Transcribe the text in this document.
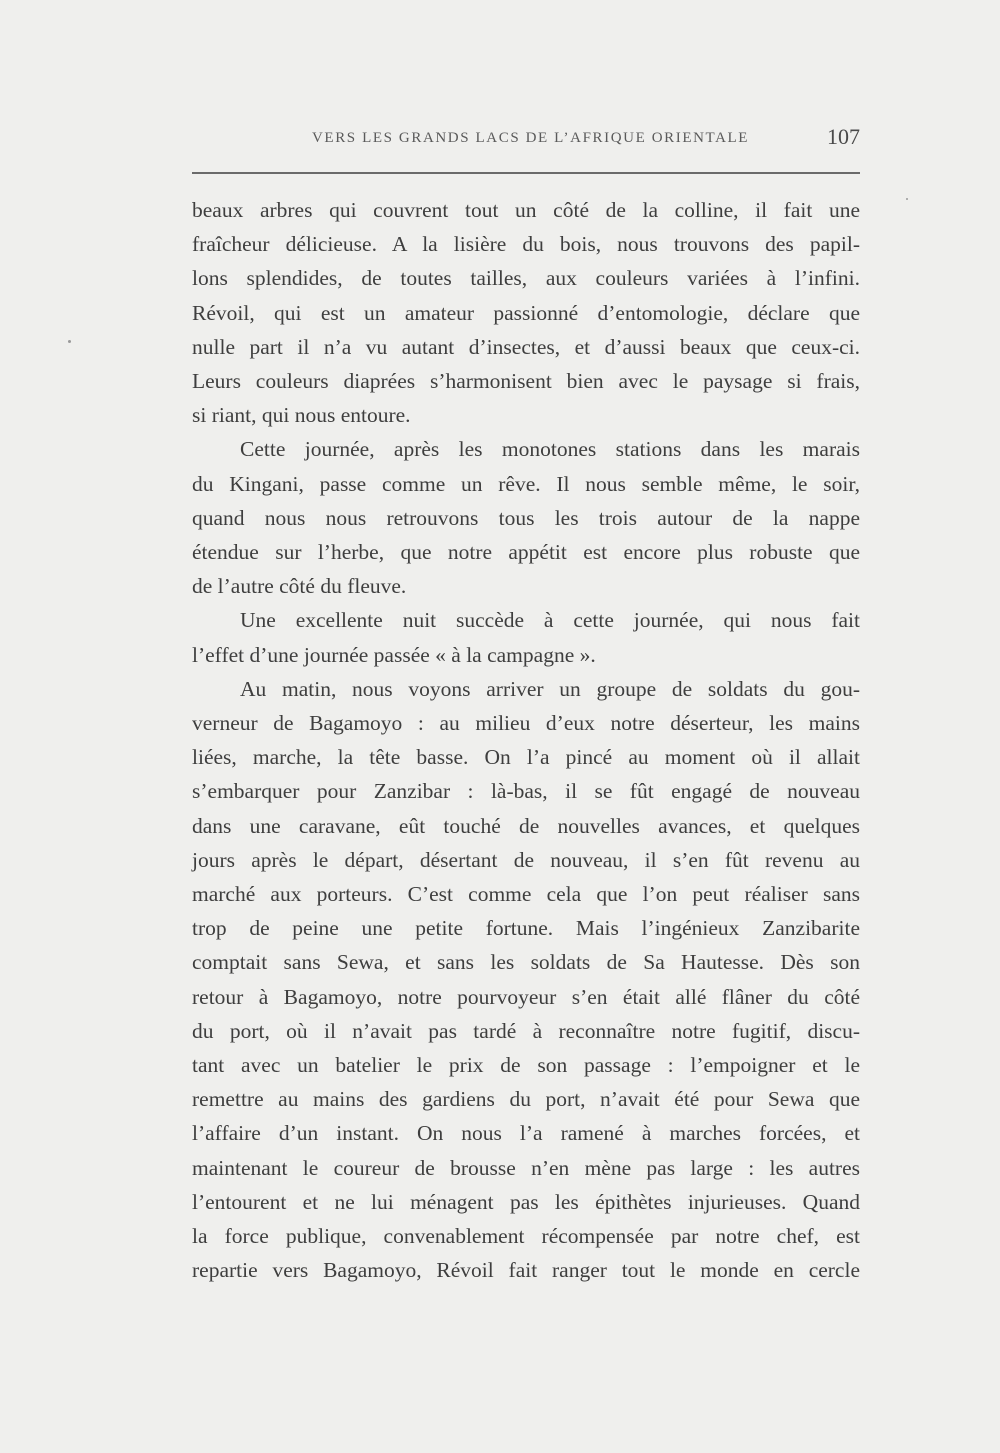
VERS LES GRANDS LACS DE L’AFRIQUE ORIENTALE	107

beaux arbres qui couvrent tout un côté de la colline, il fait une
fraîcheur délicieuse. A la lisière du bois, nous trouvons des papil-
lons splendides, de toutes tailles, aux couleurs variées à l’infini.
Révoil, qui est un amateur passionné d’entomologie, déclare que
nulle part il n’a vu autant d’insectes, et d’aussi beaux que ceux-ci.
Leurs couleurs diaprées s’harmonisent bien avec le paysage si frais,
si riant, qui nous entoure.

Cette journée, après les monotones stations dans les marais
du Kingani, passe comme un rêve. Il nous semble même, le soir,
quand nous nous retrouvons tous les trois autour de la nappe
étendue sur l’herbe, que notre appétit est encore plus robuste que
de l’autre côté du fleuve.

Une excellente nuit succède à cette journée, qui nous fait
l’effet d’une journée passée « à la campagne ».

Au matin, nous voyons arriver un groupe de soldats du gou-
verneur de Bagamoyo : au milieu d’eux notre déserteur, les mains
liées, marche, la tête basse. On l’a pincé au moment où il allait
s’embarquer pour Zanzibar : là-bas, il se fût engagé de nouveau
dans une caravane, eût touché de nouvelles avances, et quelques
jours après le départ, désertant de nouveau, il s’en fût revenu au
marché aux porteurs. C’est comme cela que l’on peut réaliser sans
trop de peine une petite fortune. Mais l’ingénieux Zanzibarite
comptait sans Sewa, et sans les soldats de Sa Hautesse. Dès son
retour à Bagamoyo, notre pourvoyeur s’en était allé flâner du côté
du port, où il n’avait pas tardé à reconnaître notre fugitif, discu-
tant avec un batelier le prix de son passage : l’empoigner et le
remettre au mains des gardiens du port, n’avait été pour Sewa que
l’affaire d’un instant. On nous l’a ramené à marches forcées, et
maintenant le coureur de brousse n’en mène pas large : les autres
l’entourent et ne lui ménagent pas les épithètes injurieuses. Quand
la force publique, convenablement récompensée par notre chef, est
repartie vers Bagamoyo, Révoil fait ranger tout le monde en cercle
